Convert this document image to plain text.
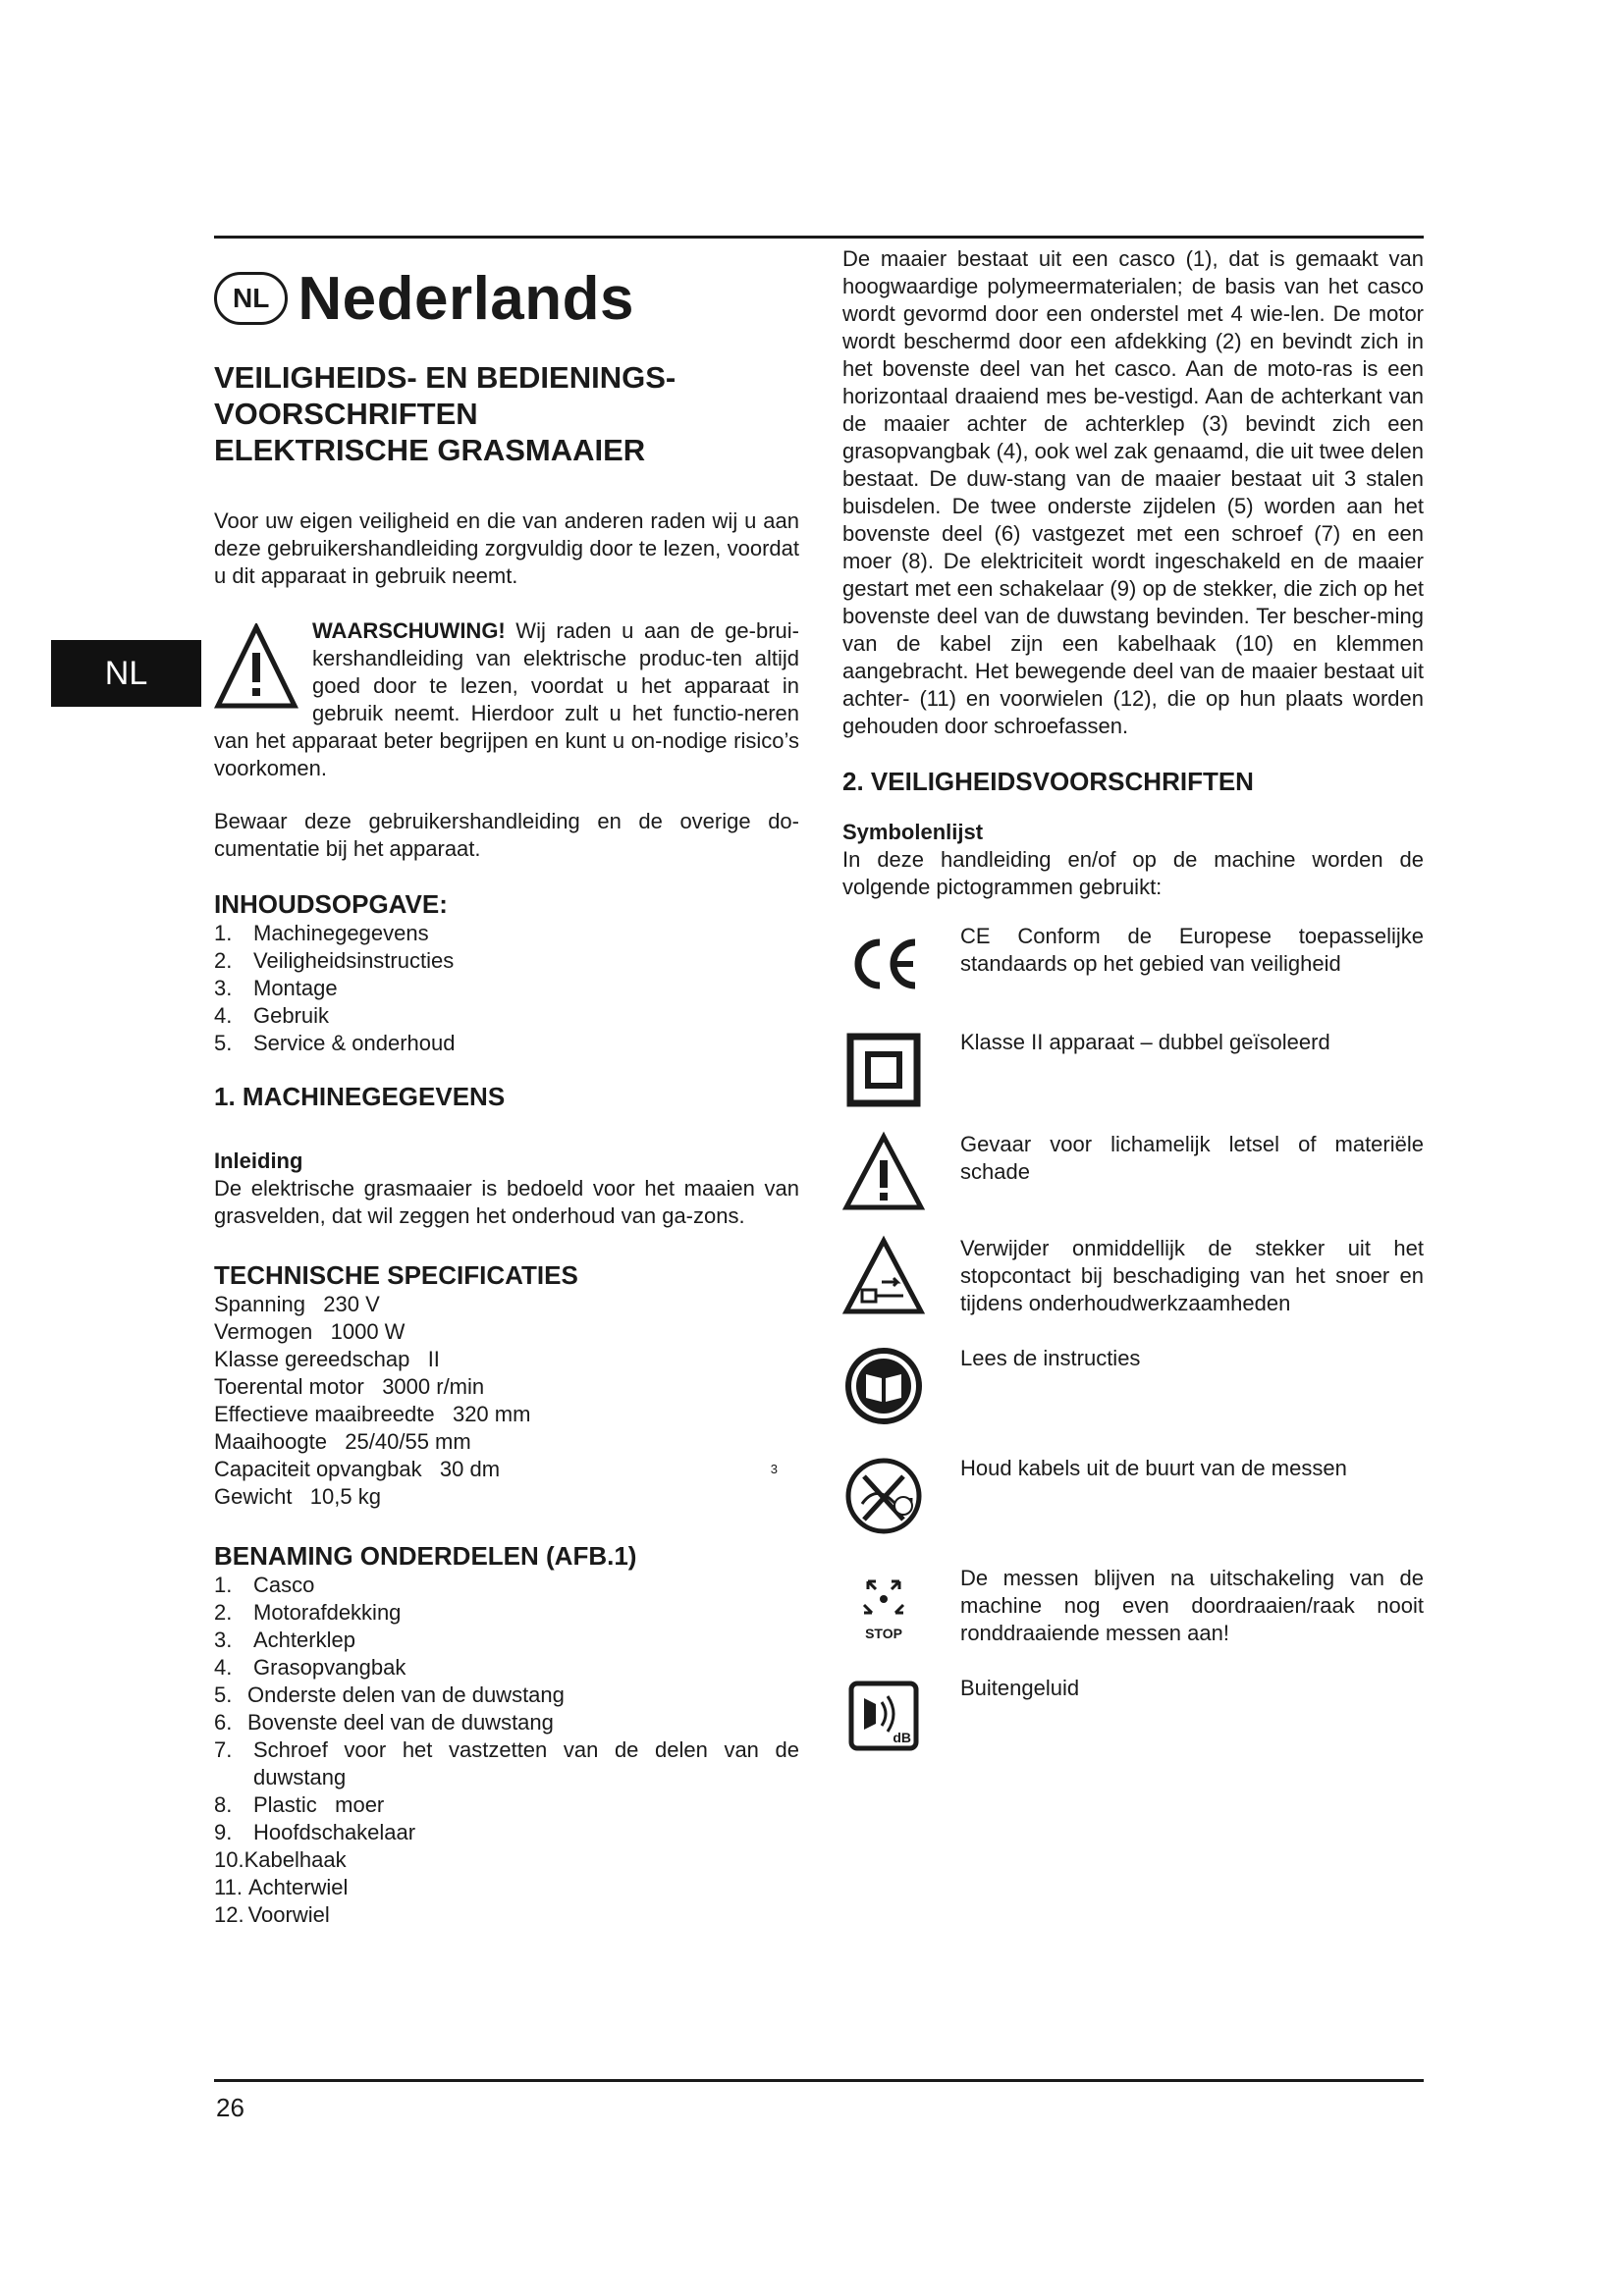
26
NL
NL Nederlands
VEILIGHEIDS- EN BEDIENINGS-
VOORSCHRIFTEN
ELEKTRISCHE GRASMAAIER

Voor uw eigen veiligheid en die van anderen raden wij u aan deze gebruikershandleiding zorgvuldig door te lezen, voordat u dit apparaat in gebruik neemt.

WAARSCHUWING! Wij raden u aan de ge-brui-kershandleiding van elektrische produc-ten altijd goed door te lezen, voordat u het apparaat in gebruik neemt. Hierdoor zult u het functio-neren van het apparaat beter begrijpen en kunt u on-nodige risico’s voorkomen.

Bewaar deze gebruikershandleiding en de overige do-cumentatie bij het apparaat.

INHOUDSOPGAVE:
1. Machinegegevens
2. Veiligheidsinstructies
3. Montage
4. Gebruik
5. Service & onderhoud
1. MACHINEGEGEVENS
Inleiding

De elektrische grasmaaier is bedoeld voor het maaien van grasvelden, dat wil zeggen het onderhoud van ga-zons.

TECHNISCHE SPECIFICATIES
Spanning   230 V
Vermogen   1000 W
Klasse gereedschap   II
Toerental motor   3000 r/min
Effectieve maaibreedte   320 mm
Maaihoogte   25/40/55 mm
Capaciteit opvangbak   30 dm	3
Gewicht   10,5 kg
BENAMING ONDERDELEN (AFB.1)
1. Casco
2. Motorafdekking
3. Achterklep
4. Grasopvangbak
5. Onderste delen van de duwstang
6. Bovenste deel van de duwstang
7. Schroef voor het vastzetten van de delen van de duwstang
8. Plastic   moer
9. Hoofdschakelaar
10. Kabelhaak
11. Achterwiel
12. Voorwiel

De maaier bestaat uit een casco (1), dat is gemaakt van hoogwaardige polymeermaterialen; de basis van het casco wordt gevormd door een onderstel met 4 wie-len. De motor wordt beschermd door een afdekking (2) en bevindt zich in het bovenste deel van het casco. Aan de moto-ras is een horizontaal draaiend mes be-vestigd. Aan de achterkant van de maaier achter de achterklep (3) bevindt zich een grasopvangbak (4), ook wel zak genaamd, die uit twee delen bestaat. De duw-stang van de maaier bestaat uit 3 stalen buisdelen. De twee onderste zijdelen (5) worden aan het bovenste deel (6) vastgezet met een schroef (7) en een moer (8). De elektriciteit wordt ingeschakeld en de maaier gestart met een schakelaar (9) op de stekker, die zich op het bovenste deel van de duwstang bevinden. Ter bescher-ming van de kabel zijn een kabelhaak (10) en klemmen aangebracht. Het bewegende deel van de maaier bestaat uit achter- (11) en voorwielen (12), die op hun plaats worden gehouden door schroefassen.

2. VEILIGHEIDSVOORSCHRIFTEN
Symbolenlijst

In deze handleiding en/of op de machine worden de volgende pictogrammen gebruikt:

CE Conform de Europese toepasselijke standaards op het gebied van veiligheid
Klasse II apparaat – dubbel geïsoleerd
Gevaar voor lichamelijk letsel of materiële schade
Verwijder onmiddellijk de stekker uit het stopcontact bij beschadiging van het snoer en tijdens onderhoudwerkzaamheden
Lees de instructies
Houd kabels uit de buurt van de messen
STOP
De messen blijven na uitschakeling van de machine nog even doordraaien/raak nooit ronddraaiende messen aan!
dB
Buitengeluid
